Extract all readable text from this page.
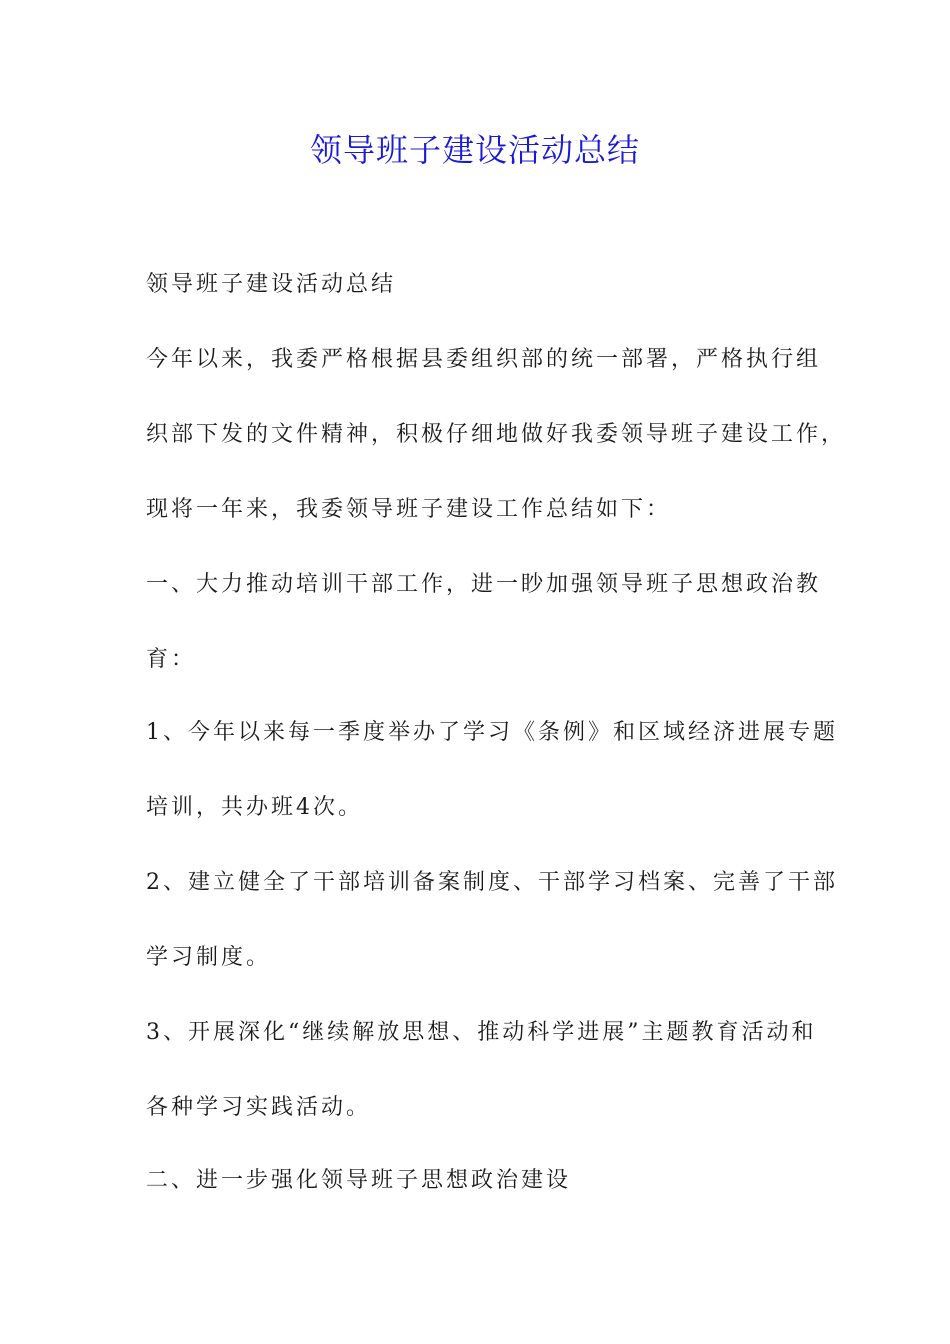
领导班子建设活动总结

领导班子建设活动总结

今年以来，我委严格根据县委组织部的统一部署，严格执行组

织部下发的文件精神，积极仔细地做好我委领导班子建设工作，

现将一年来，我委领导班子建设工作总结如下：

一、大力推动培训干部工作，进一眇加强领导班子思想政治教

育：

1、今年以来每一季度举办了学习《条例》和区域经济进展专题

培训，共办班4次。

2、建立健全了干部培训备案制度、干部学习档案、完善了干部

学习制度。

3、开展深化“继续解放思想、推动科学进展”主题教育活动和

各种学习实践活动。

二、进一步强化领导班子思想政治建设
